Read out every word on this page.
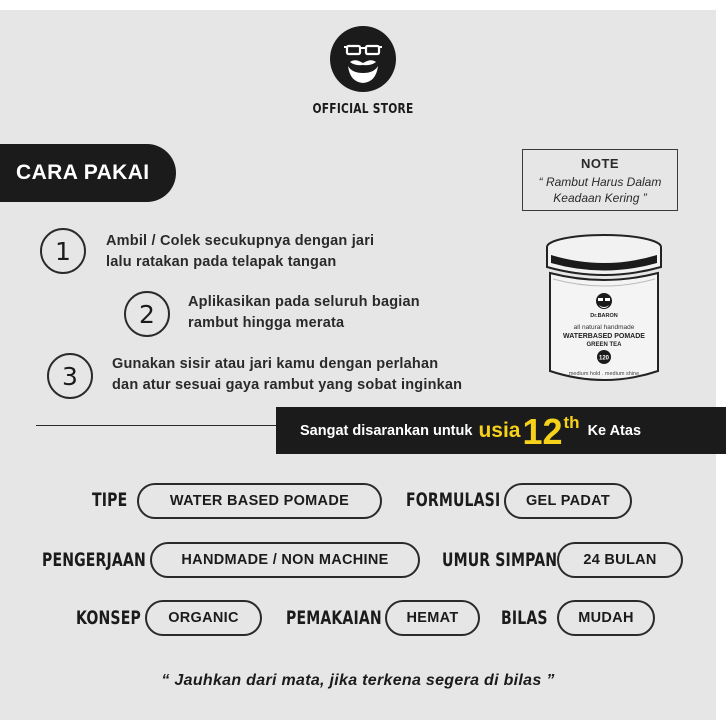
OFFICIAL STORE
CARA PAKAI	NOTE
“ Rambut Harus Dalam
Keadaan Kering ”
1	Ambil / Colek secukupnya dengan jari
lalu ratakan pada telapak tangan
2	Aplikasikan pada seluruh bagian
rambut hingga merata
3	Gunakan sisir atau jari kamu dengan perlahan
dan atur sesuai gaya rambut yang sobat inginkan
Dr.BARON
all natural handmade
WATERBASED POMADE
GREEN TEA
120
medium hold . medium shine
Sangat disarankan untuk usia 12 th Ke Atas
TIPE	WATER BASED POMADE	FORMULASI	GEL PADAT
PENGERJAAN	HANDMADE / NON MACHINE	UMUR SIMPAN	24 BULAN
KONSEP	ORGANIC	PEMAKAIAN	HEMAT	BILAS	MUDAH
“ Jauhkan dari mata, jika terkena segera di bilas ”
